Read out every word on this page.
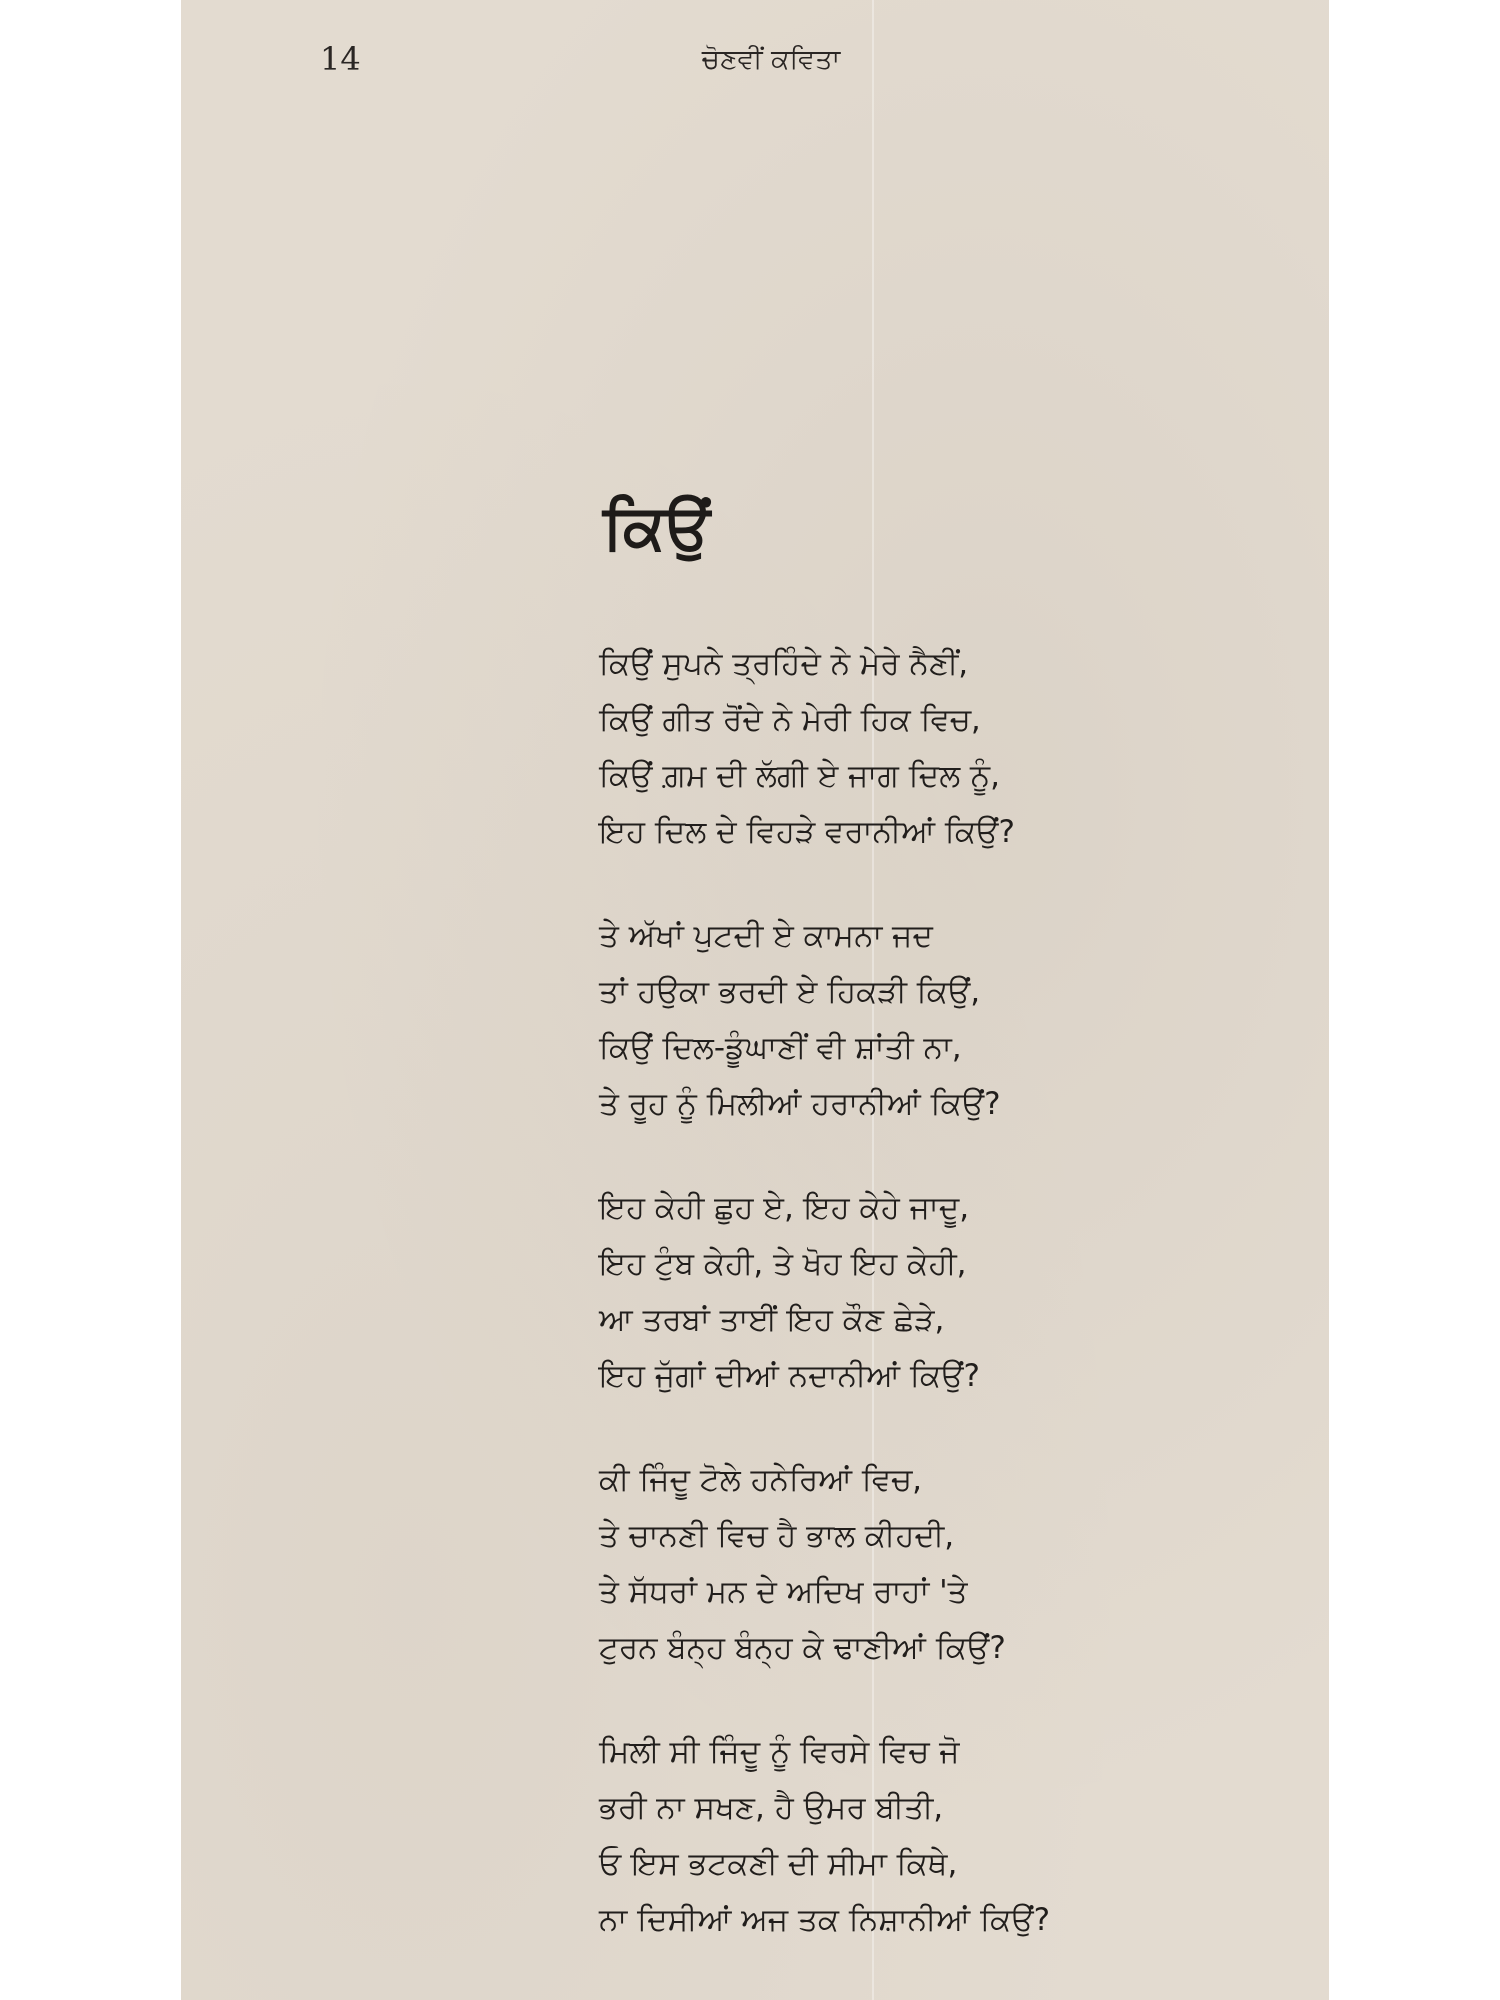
14	ਚੋਣਵੀਂ ਕਵਿਤਾ
ਕਿਉਂ
ਕਿਉਂ ਸੁਪਨੇ ਤ੍ਰਹਿੰਦੇ ਨੇ ਮੇਰੇ ਨੈਣੀਂ,
ਕਿਉਂ ਗੀਤ ਰੋਂਦੇ ਨੇ ਮੇਰੀ ਹਿਕ ਵਿਚ,
ਕਿਉਂ ਗ਼ਮ ਦੀ ਲੱਗੀ ਏ ਜਾਗ ਦਿਲ ਨੂੰ,
ਇਹ ਦਿਲ ਦੇ ਵਿਹੜੇ ਵਰਾਨੀਆਂ ਕਿਉਂ?
ਤੇ ਅੱਖਾਂ ਪੁਟਦੀ ਏ ਕਾਮਨਾ ਜਦ
ਤਾਂ ਹਉਕਾ ਭਰਦੀ ਏ ਹਿਕੜੀ ਕਿਉਂ,
ਕਿਉਂ ਦਿਲ-ਡੂੰਘਾਣੀਂ ਵੀ ਸ਼ਾਂਤੀ ਨਾ,
ਤੇ ਰੂਹ ਨੂੰ ਮਿਲੀਆਂ ਹਰਾਨੀਆਂ ਕਿਉਂ?
ਇਹ ਕੇਹੀ ਛੁਹ ਏ, ਇਹ ਕੇਹੇ ਜਾਦੂ,
ਇਹ ਟੁੰਬ ਕੇਹੀ, ਤੇ ਖੋਹ ਇਹ ਕੇਹੀ,
ਆ ਤਰਬਾਂ ਤਾਈਂ ਇਹ ਕੌਣ ਛੇੜੇ,
ਇਹ ਜੁੱਗਾਂ ਦੀਆਂ ਨਦਾਨੀਆਂ ਕਿਉਂ?
ਕੀ ਜਿੰਦੂ ਟੋਲੇ ਹਨੇਰਿਆਂ ਵਿਚ,
ਤੇ ਚਾਨਣੀ ਵਿਚ ਹੈ ਭਾਲ ਕੀਹਦੀ,
ਤੇ ਸੱਧਰਾਂ ਮਨ ਦੇ ਅਦਿਖ ਰਾਹਾਂ 'ਤੇ
ਟੁਰਨ ਬੰਨ੍ਹ ਬੰਨ੍ਹ ਕੇ ਢਾਣੀਆਂ ਕਿਉਂ?
ਮਿਲੀ ਸੀ ਜਿੰਦੂ ਨੂੰ ਵਿਰਸੇ ਵਿਚ ਜੋ
ਭਰੀ ਨਾ ਸਖਣ, ਹੈ ਉਮਰ ਬੀਤੀ,
ਓ ਇਸ ਭਟਕਣੀ ਦੀ ਸੀਮਾ ਕਿਥੇ,
ਨਾ ਦਿਸੀਆਂ ਅਜ ਤਕ ਨਿਸ਼ਾਨੀਆਂ ਕਿਉਂ?
